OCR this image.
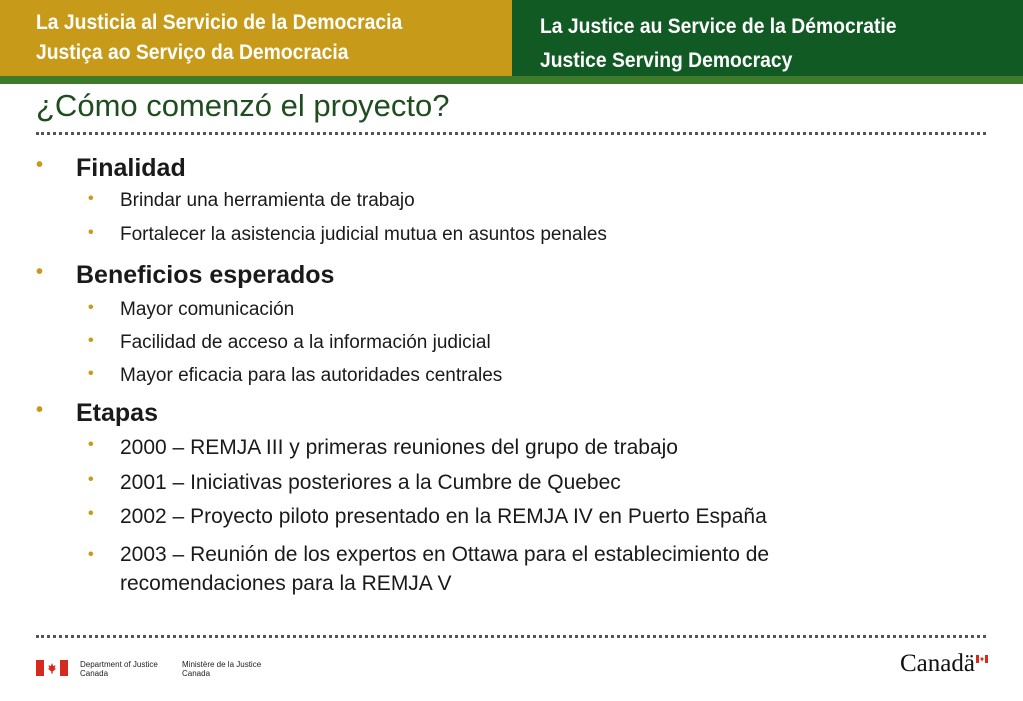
La Justicia al Servicio de la Democracia
Justiça ao Serviço da Democracia
La Justice au Service de la Démocratie
Justice Serving Democracy
¿Cómo comenzó el proyecto?
• Finalidad
• Brindar una herramienta de trabajo
• Fortalecer la asistencia judicial mutua en asuntos penales
• Beneficios esperados
• Mayor comunicación
• Facilidad de acceso a la información judicial
• Mayor eficacia para las autoridades centrales
• Etapas
• 2000 – REMJA III y primeras reuniones del grupo de trabajo
• 2001 – Iniciativas posteriores a la Cumbre de Quebec
• 2002 – Proyecto piloto presentado en la REMJA IV en Puerto España
• 2003 – Reunión de los expertos en Ottawa para el establecimiento de recomendaciones para la REMJA V
Department of Justice
Canada
Ministère de la Justice
Canada	Canadä
